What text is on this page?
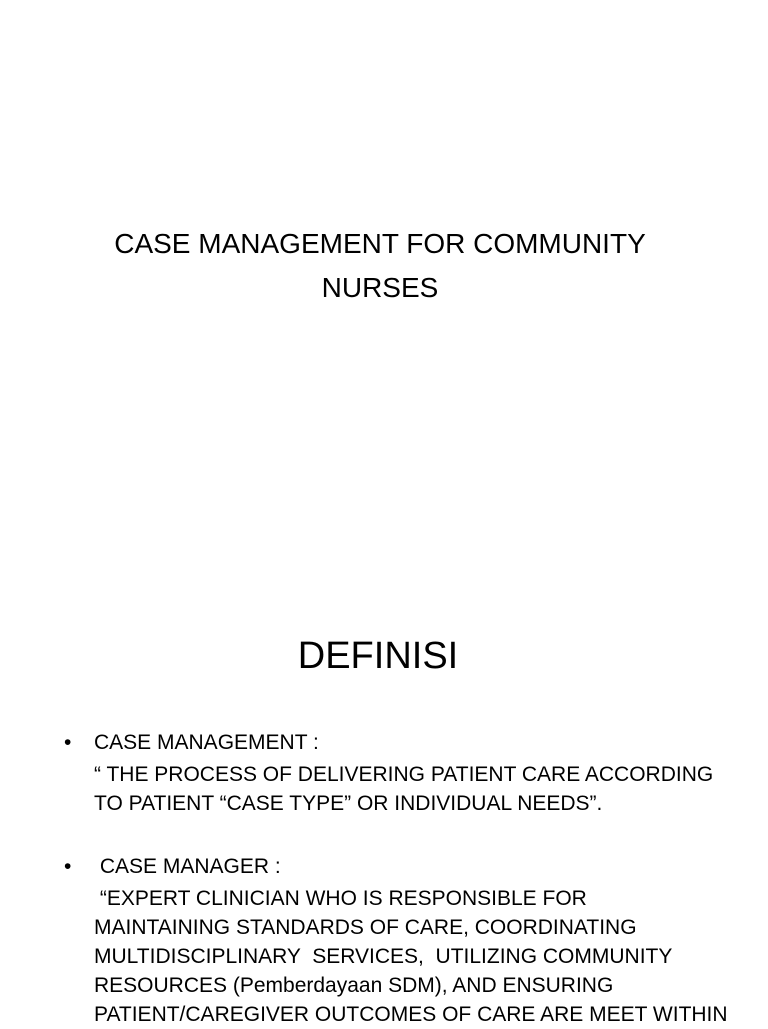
CASE MANAGEMENT FOR COMMUNITY
NURSES
DEFINISI
•	CASE MANAGEMENT :
“ THE PROCESS OF DELIVERING PATIENT CARE ACCORDING
TO PATIENT “CASE TYPE” OR INDIVIDUAL NEEDS”.
•	CASE MANAGER :
“EXPERT CLINICIAN WHO IS RESPONSIBLE FOR
MAINTAINING STANDARDS OF CARE, COORDINATING
MULTIDISCIPLINARY  SERVICES,  UTILIZING COMMUNITY
RESOURCES (Pemberdayaan SDM), AND ENSURING
PATIENT/CAREGIVER OUTCOMES OF CARE ARE MEET WITHIN
